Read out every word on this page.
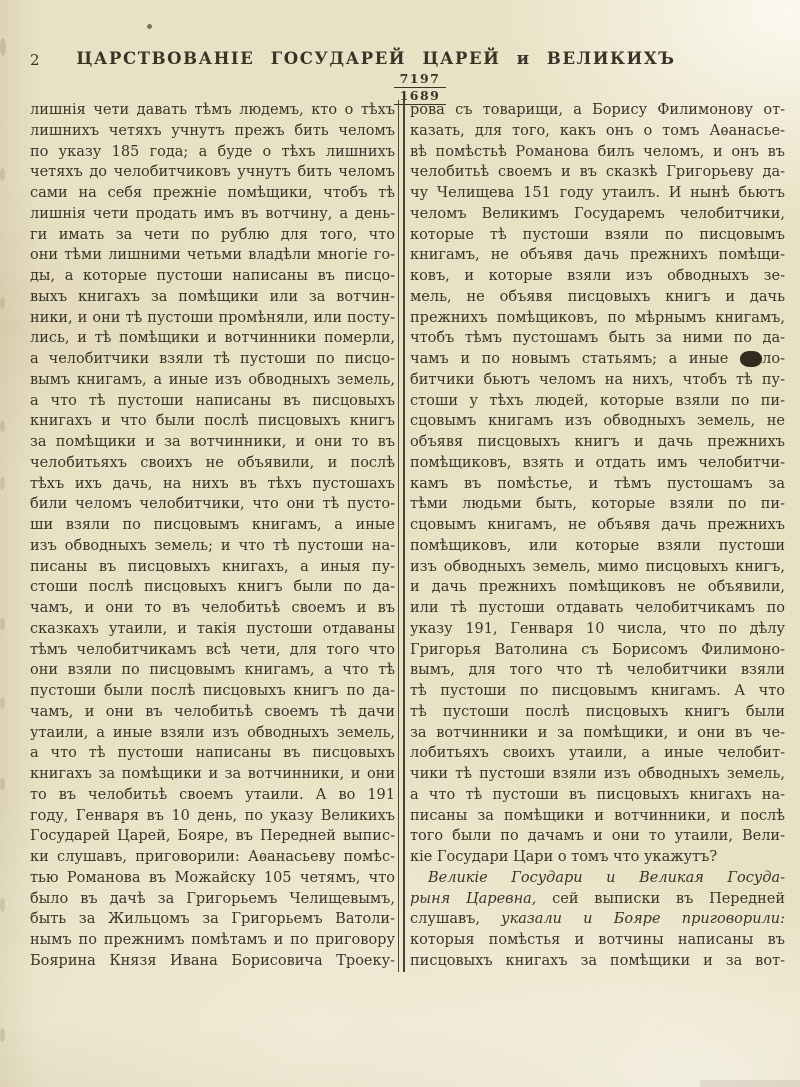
2	ЦАРСТВОВАНІЕ ГОСУДАРЕЙ ЦАРЕЙ и ВЕЛИКИХЪ
7197
1689
лишнія чети давать тѣмъ людемъ, кто о тѣхъ
лишнихъ четяхъ учнутъ прежъ бить челомъ
по указу 185 года; а буде о тѣхъ лишнихъ
четяхъ до челобитчиковъ учнутъ бить челомъ
сами на себя прежніе помѣщики, чтобъ тѣ
лишнія чети продать имъ въ вотчину, а день-
ги имать за чети по рублю для того, что
они тѣми лишними четьми владѣли многіе го-
ды, а которые пустоши написаны въ писцо-
выхъ книгахъ за помѣщики или за вотчин-
ники, и они тѣ пустоши промѣняли, или посту-
лись, и тѣ помѣщики и вотчинники померли,
а челобитчики взяли тѣ пустоши по писцо-
вымъ книгамъ, а иные изъ обводныхъ земель,
а что тѣ пустоши написаны въ писцовыхъ
книгахъ и что были послѣ писцовыхъ книгъ
за помѣщики и за вотчинники, и они то въ
челобитьяхъ своихъ не объявили, и послѣ
тѣхъ ихъ дачь, на нихъ въ тѣхъ пустошахъ
били челомъ челобитчики, что они тѣ пусто-
ши взяли по писцовымъ книгамъ, а иные
изъ обводныхъ земель; и что тѣ пустоши на-
писаны въ писцовыхъ книгахъ, а иныя пу-
стоши послѣ писцовыхъ книгъ были по да-
чамъ, и они то въ челобитьѣ своемъ и въ
сказкахъ утаили, и такія пустоши отдаваны
тѣмъ челобитчикамъ всѣ чети, для того что
они взяли по писцовымъ книгамъ, а что тѣ
пустоши были послѣ писцовыхъ книгъ по да-
чамъ, и они въ челобитьѣ своемъ тѣ дачи
утаили, а иные взяли изъ обводныхъ земель,
а что тѣ пустоши написаны въ писцовыхъ
книгахъ за помѣщики и за вотчинники, и они
то въ челобитьѣ своемъ утаили. А во 191
году, Генваря въ 10 день, по указу Великихъ
Государей Царей, Бояре, въ Передней выпис-
ки слушавъ, приговорили: Аѳанасьеву помѣс-
тью Романова въ Можайску 105 четямъ, что
было въ дачѣ за Григорьемъ Челищевымъ,
быть за Жильцомъ за Григорьемъ Ватоли-
нымъ по прежнимъ помѣтамъ и по приговору
Боярина Князя Ивана Борисовича Троеку-
рова съ товарищи, а Борису Филимонову от-
казать, для того, какъ онъ о томъ Аѳанасье-
вѣ помѣстьѣ Романова билъ челомъ, и онъ въ
челобитьѣ своемъ и въ сказкѣ Григорьеву да-
чу Челищева 151 году утаилъ. И нынѣ бьютъ
челомъ Великимъ Государемъ челобитчики,
которые тѣ пустоши взяли по писцовымъ
книгамъ, не объявя дачь прежнихъ помѣщи-
ковъ, и которые взяли изъ обводныхъ зе-
мель, не объявя писцовыхъ книгъ и дачь
прежнихъ помѣщиковъ, по мѣрнымъ книгамъ,
чтобъ тѣмъ пустошамъ быть за ними по да-
чамъ и по новымъ статьямъ; а иные че ло-
битчики бьютъ челомъ на нихъ, чтобъ тѣ пу-
стоши у тѣхъ людей, которые взяли по пи-
сцовымъ книгамъ изъ обводныхъ земель, не
объявя писцовыхъ книгъ и дачь прежнихъ
помѣщиковъ, взять и отдать имъ челобитчи-
камъ въ помѣстье, и тѣмъ пустошамъ за
тѣми людьми быть, которые взяли по пи-
сцовымъ книгамъ, не объявя дачь прежнихъ
помѣщиковъ, или которые взяли пустоши
изъ обводныхъ земель, мимо писцовыхъ книгъ,
и дачь прежнихъ помѣщиковъ не объявили,
или тѣ пустоши отдавать челобитчикамъ по
указу 191, Генваря 10 числа, что по дѣлу
Григорья Ватолина съ Борисомъ Филимоно-
вымъ, для того что тѣ челобитчики взяли
тѣ пустоши по писцовымъ книгамъ. А что
тѣ пустоши послѣ писцовыхъ книгъ были
за вотчинники и за помѣщики, и они въ че-
лобитьяхъ своихъ утаили, а иные челобит-
чики тѣ пустоши взяли изъ обводныхъ земель,
а что тѣ пустоши въ писцовыхъ книгахъ на-
писаны за помѣщики и вотчинники, и послѣ
того были по дачамъ и они то утаили, Вели-
кіе Государи Цари о томъ что укажутъ?
Великіе Государи и Великая Госуда-
рыня Царевна, сей выписки въ Передней
слушавъ, указали и Бояре приговорили:
которыя помѣстья и вотчины написаны въ
писцовыхъ книгахъ за помѣщики и за вот-
